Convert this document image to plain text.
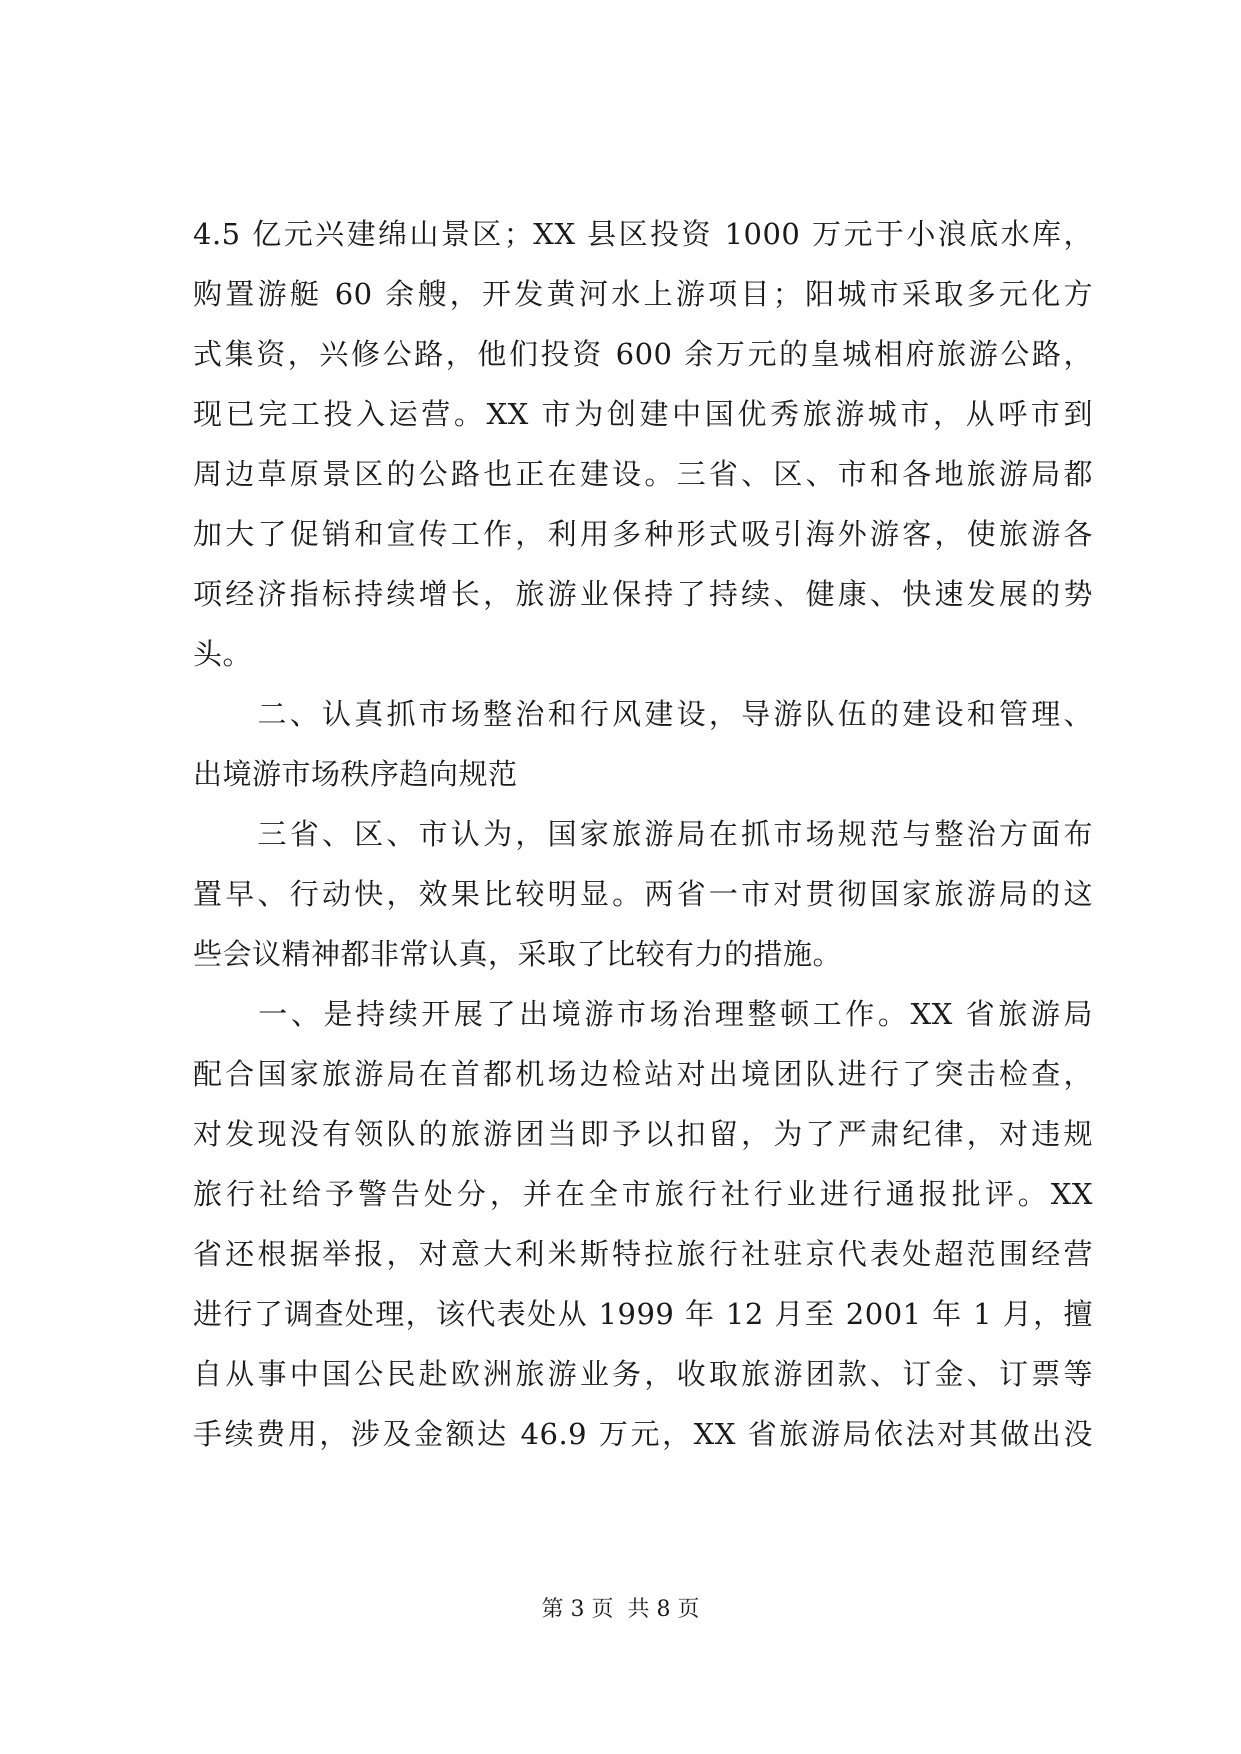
4.5 亿元兴建绵山景区；XX 县区投资 1000 万元于小浪底水库，
购置游艇 60 余艘，开发黄河水上游项目；阳城市采取多元化方
式集资，兴修公路，他们投资 600 余万元的皇城相府旅游公路，
现已完工投入运营。XX 市为创建中国优秀旅游城市，从呼市到
周边草原景区的公路也正在建设。三省、区、市和各地旅游局都
加大了促销和宣传工作，利用多种形式吸引海外游客，使旅游各
项经济指标持续增长，旅游业保持了持续、健康、快速发展的势
头。
　　二、认真抓市场整治和行风建设，导游队伍的建设和管理、
出境游市场秩序趋向规范
　　三省、区、市认为，国家旅游局在抓市场规范与整治方面布
置早、行动快，效果比较明显。两省一市对贯彻国家旅游局的这
些会议精神都非常认真，采取了比较有力的措施。
　　一、是持续开展了出境游市场治理整顿工作。XX 省旅游局
配合国家旅游局在首都机场边检站对出境团队进行了突击检查，
对发现没有领队的旅游团当即予以扣留，为了严肃纪律，对违规
旅行社给予警告处分，并在全市旅行社行业进行通报批评。XX
省还根据举报，对意大利米斯特拉旅行社驻京代表处超范围经营
进行了调查处理，该代表处从 1999 年 12 月至 2001 年 1 月，擅
自从事中国公民赴欧洲旅游业务，收取旅游团款、订金、订票等
手续费用，涉及金额达 46.9 万元，XX 省旅游局依法对其做出没
第 3 页  共 8 页
